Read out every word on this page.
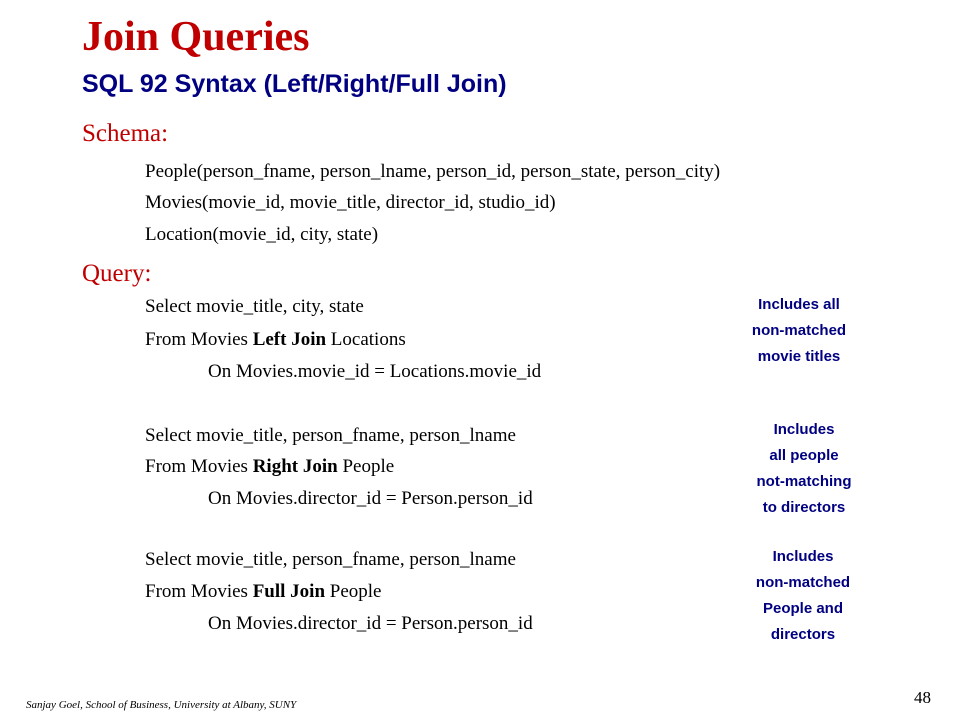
Join Queries
SQL 92 Syntax (Left/Right/Full Join)
Schema:
People(person_fname, person_lname, person_id, person_state, person_city)
Movies(movie_id, movie_title, director_id, studio_id)
Location(movie_id, city, state)
Query:
Select movie_title, city, state
From Movies Left Join Locations
On Movies.movie_id = Locations.movie_id
Includes all
non-matched
movie titles
Select movie_title, person_fname, person_lname
From Movies Right Join People
On Movies.director_id = Person.person_id
Includes
all people
not-matching
to directors
Select movie_title, person_fname, person_lname
From Movies Full Join People
On Movies.director_id = Person.person_id
Includes
non-matched
People and
directors
Sanjay Goel, School of Business, University at Albany, SUNY	48
